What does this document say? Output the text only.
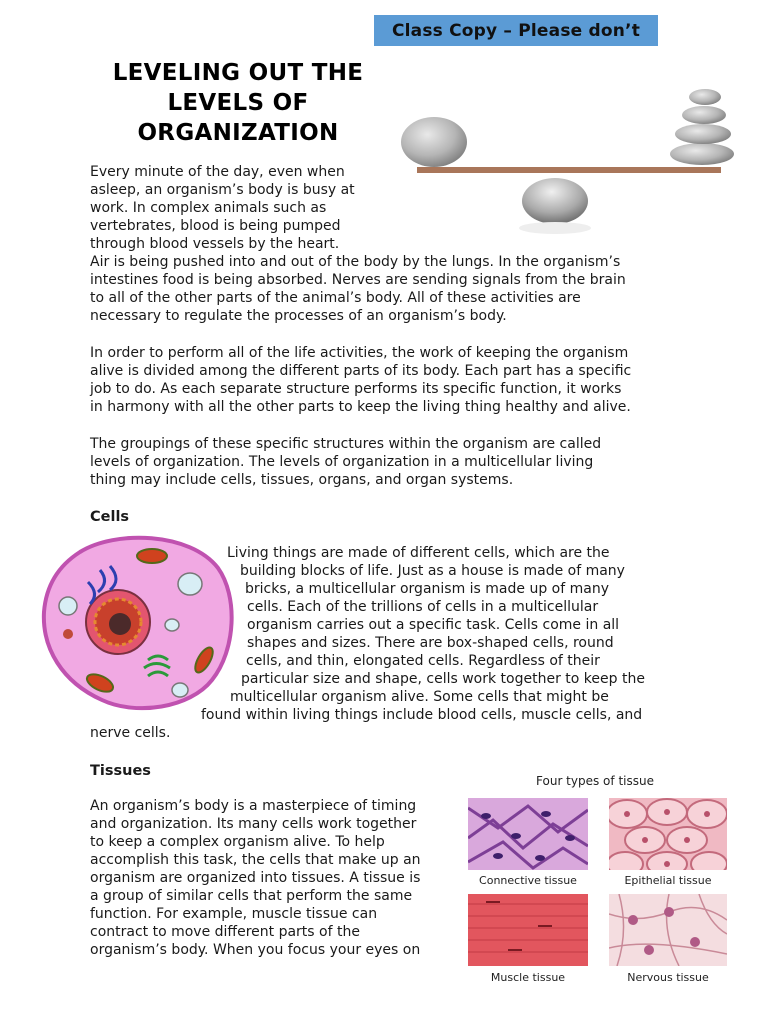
Class Copy – Please don’t
LEVELING OUT THE
LEVELS OF
ORGANIZATION
Every minute of the day, even when
asleep, an organism’s body is busy at
work. In complex animals such as
vertebrates, blood is being pumped
through blood vessels by the heart.
Air is being pushed into and out of the body by the lungs. In the organism’s
intestines food is being absorbed. Nerves are sending signals from the brain
to all of the other parts of the animal’s body. All of these activities are
necessary to regulate the processes of an organism’s body.
In order to perform all of the life activities, the work of keeping the organism
alive is divided among the different parts of its body. Each part has a specific
job to do. As each separate structure performs its specific function, it works
in harmony with all the other parts to keep the living thing healthy and alive.
The groupings of these specific structures within the organism are called
levels of organization. The levels of organization in a multicellular living
thing may include cells, tissues, organs, and organ systems.
Cells
Living things are made of different cells, which are the
building blocks of life. Just as a house is made of many
bricks, a multicellular organism is made up of many
cells. Each of the trillions of cells in a multicellular
organism carries out a specific task. Cells come in all
shapes and sizes. There are box-shaped cells, round
cells, and thin, elongated cells. Regardless of their
particular size and shape, cells work together to keep the
multicellular organism alive. Some cells that might be
found within living things include blood cells, muscle cells, and
nerve cells.
Tissues
An organism’s body is a masterpiece of timing
and organization. Its many cells work together
to keep a complex organism alive. To help
accomplish this task, the cells that make up an
organism are organized into tissues. A tissue is
a group of similar cells that perform the same
function. For example, muscle tissue can
contract to move different parts of the
organism’s body. When you focus your eyes on
Four types of tissue
Connective tissue	Epithelial tissue
Muscle tissue	Nervous tissue
